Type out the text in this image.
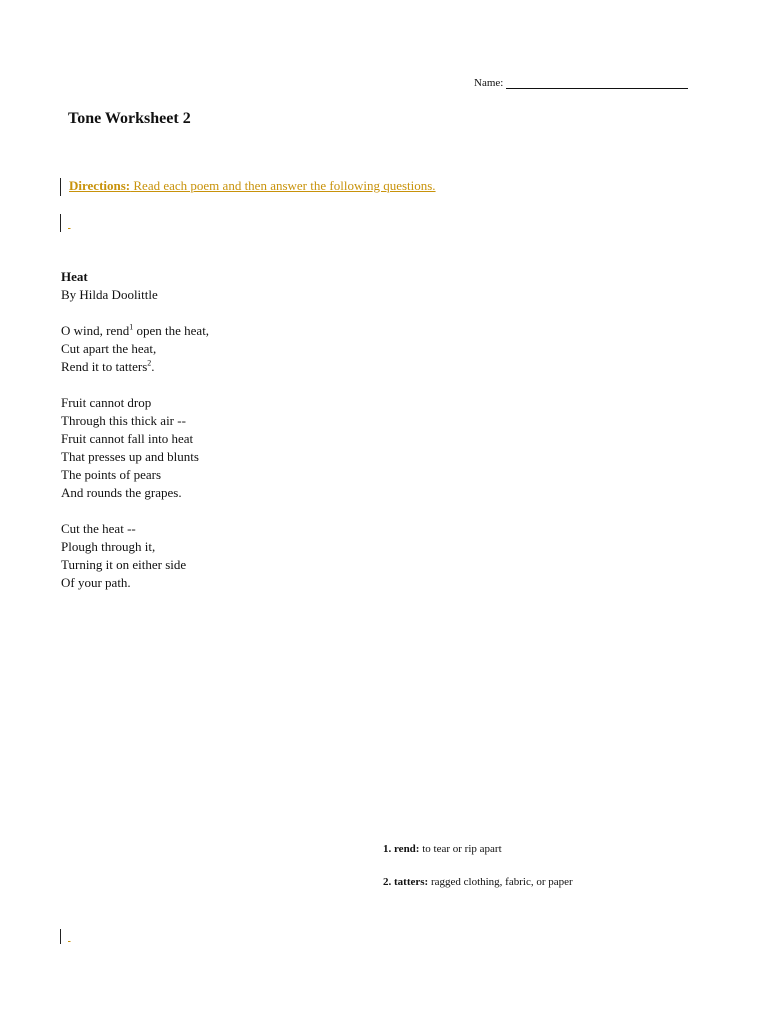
Name:
Tone Worksheet 2
Directions: Read each poem and then answer the following questions.

Heat
By Hilda Doolittle
O wind, rend$^1$ open the heat,
Cut apart the heat,
Rend it to tatters$^2$.
Fruit cannot drop
Through this thick air --
Fruit cannot fall into heat
That presses up and blunts
The points of pears
And rounds the grapes.
Cut the heat --
Plough through it,
Turning it on either side
Of your path.

1. rend: to tear or rip apart

2. tatters: ragged clothing, fabric, or paper
